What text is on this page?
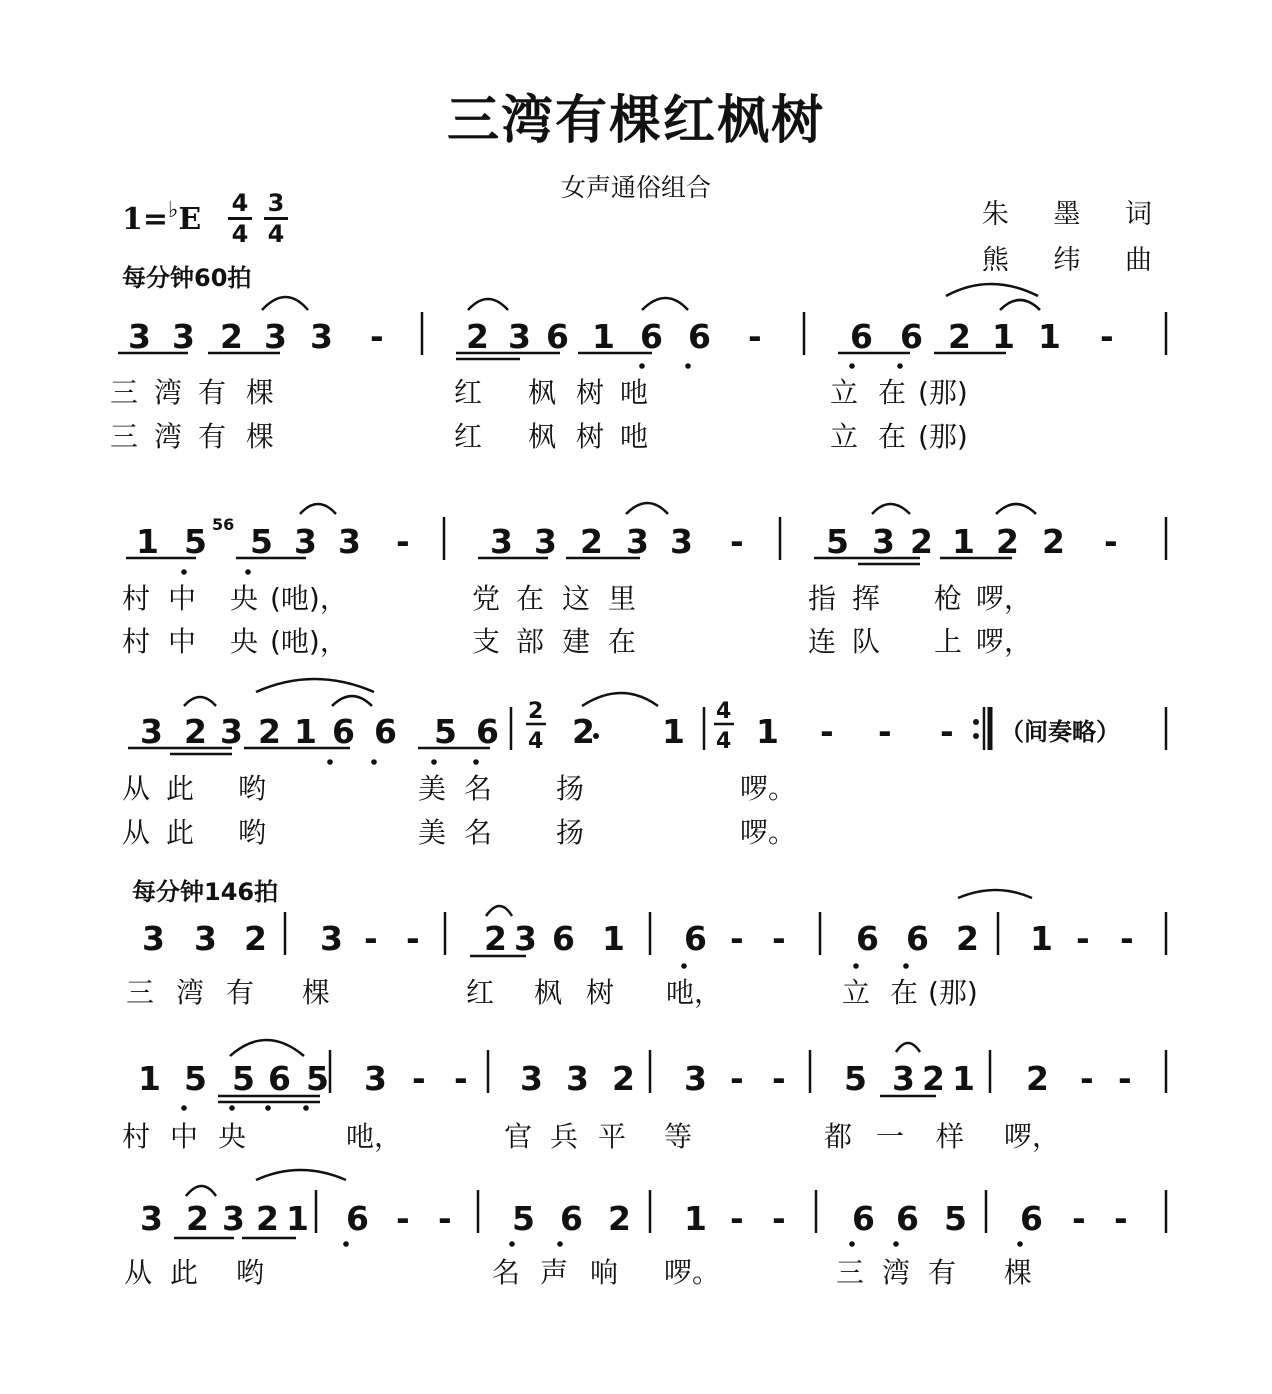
三湾有棵红枫树
女声通俗组合
朱 墨 词
熊 纬 曲
1=♭E 4
4
3
4
每分钟60拍
每分钟146拍
2
4
4
4
56
3 3 2 3 3	2 3 6 1 6 6	6 6 2 1 1
1 5 5 3 3	3 3 2 3 3	5 3 2 1 2 2
3 2 3 2 1 6 6 5 6 2 1 1
3 3 2 3	2 3 6 1 6	6 6 2 1
1 5 5 6 5 3	3 3 2 3	5 3 2 1 2
3 2 3 2 1 6	5 6 2 1	6 6 5 6
三 湾 有 棵	红 枫 树 吔	立 在 (那)
三 湾 有 棵	红 枫 树 吔	立 在 (那)
村 中 央 (吔)，	党 在 这 里	指 挥 枪 啰，
村 中 央 (吔)，	支 部 建 在	连 队 上 啰，
从 此 哟	美 名 扬	啰。
从 此 哟	美 名 扬	啰。
三 湾 有 棵	红 枫 树 吔，	立 在 (那)
村 中 央	吔，	官 兵 平 等	都 一 样 啰，
从 此 哟	名 声 响 啰。	三 湾 有 棵
-	-	-
-	-	-
- - -
- -	- -	- -
- -	- -	- -
- -	- -	- -
（间奏略）
